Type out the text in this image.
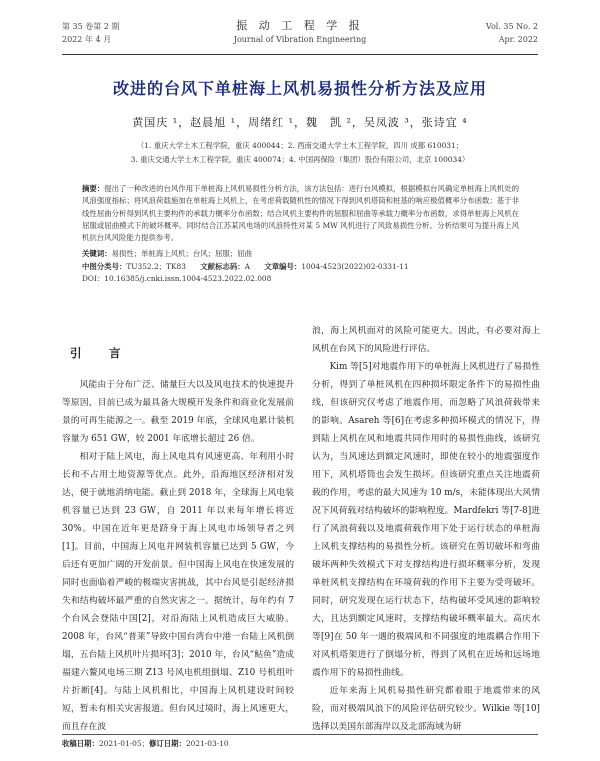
第 35 卷第 2 期
2022 年 4 月
振 动 工 程 学 报
Journal of Vibration Engineering
Vol. 35 No. 2
Apr. 2022
改进的台风下单桩海上风机易损性分析方法及应用
黄国庆 ¹，赵晨旭 ¹，周绪红 ¹，魏　凯 ²，吴凤波 ³，张诗宜 ⁴
（1. 重庆大学土木工程学院，重庆 400044；2. 西南交通大学土木工程学院，四川 成都 610031；
3. 重庆交通大学土木工程学院，重庆 400074；4. 中国再保险（集团）股份有限公司，北京 100034）

摘要：提出了一种改进的台风作用下单桩海上风机易损性分析方法，该方法包括：进行台风模拟，根据模拟台风确定单桩海上风机处的风浪强度指标；将风浪荷载施加在单桩海上风机上，在考虑荷载随机性的情况下得到风机塔筒和桩基的响应极值概率分布函数；基于非线性屈曲分析得到风机主要构件的承载力概率分布函数；结合风机主要构件的屈服和屈曲等承载力概率分布函数，求得单桩海上风机在屈服或屈曲模式下的破坏概率。同时结合江苏某风电场的风浪特性对某 5 MW 风机进行了风致易损性分析。分析结果可为提升海上风机抗台风风险能力提供参考。

关键词：易损性；单桩海上风机；台风；屈服；屈曲

中图分类号：TU352.2；TK83 文献标志码：A 文章编号：1004-4523(2022)02-0331-11

DOI：10.16385/j.cnki.issn.1004-4523.2022.02.008

引　言

风能由于分布广泛、储量巨大以及风电技术的快速提升等原因，目前已成为最具备大规模开发条件和商业化发展前景的可再生能源之一。截至 2019 年底，全球风电累计装机容量为 651 GW，较 2001 年底增长超过 26 倍。

相对于陆上风电，海上风电具有风速更高、年利用小时长和不占用土地资源等优点。此外，沿海地区经济相对发达，便于就地消纳电能。截止到 2018 年，全球海上风电装机容量已达到 23 GW，自 2011 年以来每年增长将近 30%。中国在近年更是跻身于海上风电市场领导者之列[1]。目前，中国海上风电并网装机容量已达到 5 GW，今后还有更加广阔的开发前景。但中国海上风电在快速发展的同时也面临着严峻的极端灾害挑战，其中台风是引起经济损失和结构破坏最严重的自然灾害之一。据统计，每年约有 7 个台风会登陆中国[2]，对沿海陆上风机造成巨大威胁。2008 年，台风“普莱”导致中国台湾台中港一台陆上风机倒塌，五台陆上风机叶片损坏[3]；2010 年，台风“鲇鱼”造成福建六鳌风电场三期 Z13 号风电机组倒塌、Z10 号机组叶片折断[4]。与陆上风机相比，中国海上风机建设时间较短，暂未有相关灾害报道。但台风过境时，海上风速更大，而且存在波

浪，海上风机面对的风险可能更大。因此，有必要对海上风机在台风下的风险进行评估。

Kim 等[5]对地震作用下的单桩海上风机进行了易损性分析，得到了单桩风机在四种损坏限定条件下的易损性曲线，但该研究仅考虑了地震作用，而忽略了风浪荷载带来的影响。Asareh 等[6]在考虑多种损坏模式的情况下，得到陆上风机在风和地震共同作用时的易损性曲线，该研究认为，当风速达到额定风速时，即使在较小的地震强度作用下，风机塔筒也会发生损坏。但该研究重点关注地震荷载的作用，考虑的最大风速为 10 m/s，未能体现出大风情况下风荷载对结构破坏的影响程度。Mardfekri 等[7-8]进行了风浪荷载以及地震荷载作用下处于运行状态的单桩海上风机支撑结构的易损性分析。该研究在剪切破坏和弯曲破坏两种失效模式下对支撑结构进行损坏概率分析，发现单桩风机支撑结构在环境荷载的作用下主要为受弯破坏。同时，研究发现在运行状态下，结构破坏受风速的影响较大，且达到额定风速时，支撑结构破坏概率最大。高庆水等[9]在 50 年一遇的极端风和不同强度的地震耦合作用下对风机塔架进行了倒塌分析，得到了风机在近场和远场地震作用下的易损性曲线。

近年来海上风机易损性研究都着眼于地震带来的风险，而对极端风浪下的风险评估研究较少。Wilkie 等[10]选择以美国东部海岸以及北部海域为研

收稿日期：2021-01-05；修订日期：2021-03-10
